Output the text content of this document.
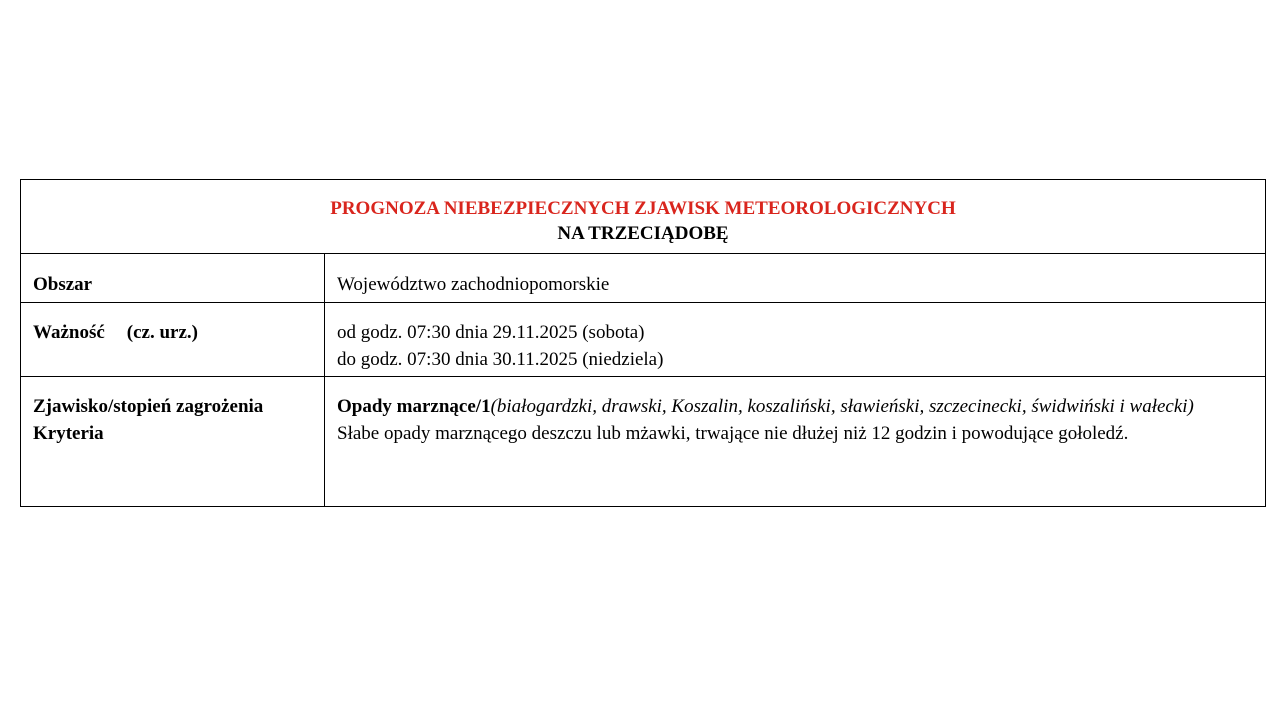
PROGNOZA NIEBEZPIECZNYCH ZJAWISK METEOROLOGICZNYCH
NA TRZECIĄDOBĘ	

Obszar	Województwo zachodniopomorskie
Ważność (cz. urz.)	od godz. 07:30 dnia 29.11.2025 (sobota)
do godz. 07:30 dnia 30.11.2025 (niedziela)

Zjawisko/stopień zagrożenia
Kryteria	Opady marznące/1(białogardzki, drawski, Koszalin, koszaliński, sławieński, szczecinecki, świdwiński i wałecki)
Słabe opady marznącego deszczu lub mżawki, trwające nie dłużej niż 12 godzin i powodujące gołoledź.
